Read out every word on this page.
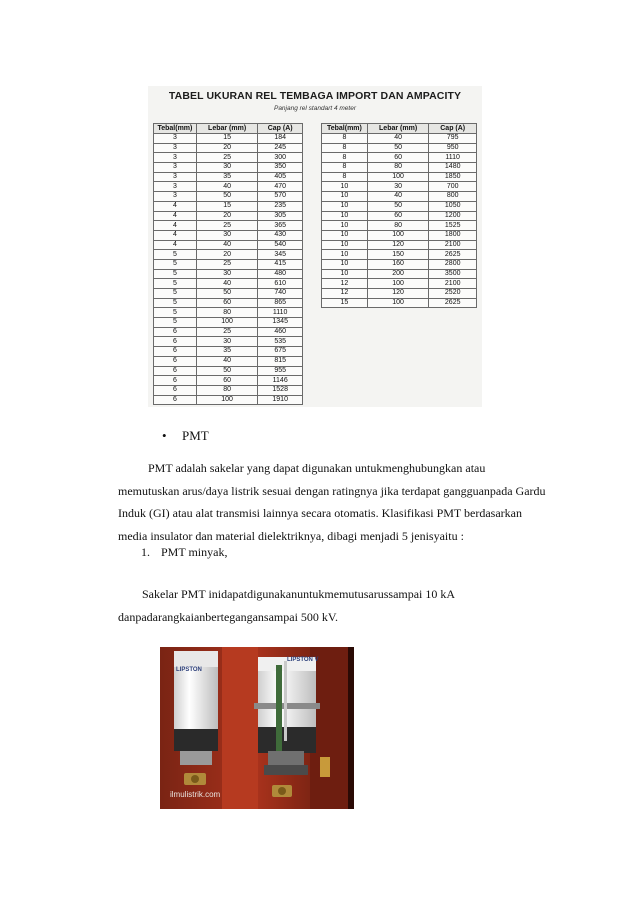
TABEL UKURAN REL TEMBAGA IMPORT DAN AMPACITY
Panjang rel standart 4 meter
Tebal(mm)	Lebar (mm)	Cap (A)
3	15	184
3	20	245
3	25	300
3	30	350
3	35	405
3	40	470
3	50	570
4	15	235
4	20	305
4	25	365
4	30	430
4	40	540
5	20	345
5	25	415
5	30	480
5	40	610
5	50	740
5	60	865
5	80	1110
5	100	1345
6	25	460
6	30	535
6	35	675
6	40	815
6	50	955
6	60	1146
6	80	1528
6	100	1910
Tebal(mm)	Lebar (mm)	Cap (A)
8	40	795
8	50	950
8	60	1110
8	80	1480
8	100	1850
10	30	700
10	40	800
10	50	1050
10	60	1200
10	80	1525
10	100	1800
10	120	2100
10	150	2625
10	160	2800
10	200	3500
12	100	2100
12	120	2520
15	100	2625
• PMT

PMT adalah sakelar yang dapat digunakan untukmenghubungkan atau
memutuskan arus/daya listrik sesuai dengan ratingnya jika terdapat gangguanpada Gardu
Induk (GI) atau alat transmisi lainnya secara otomatis. Klasifikasi PMT berdasarkan
media insulator dan material dielektriknya, dibagi menjadi 5 jenisyaitu :

1. PMT minyak,

Sakelar PMT inidapatdigunakanuntukmemutusarussampai 10 kA
danpadarangkaianbertegangansampai 500 kV.

LIPSTON
LIPSTON V
ilmulistrik.com
